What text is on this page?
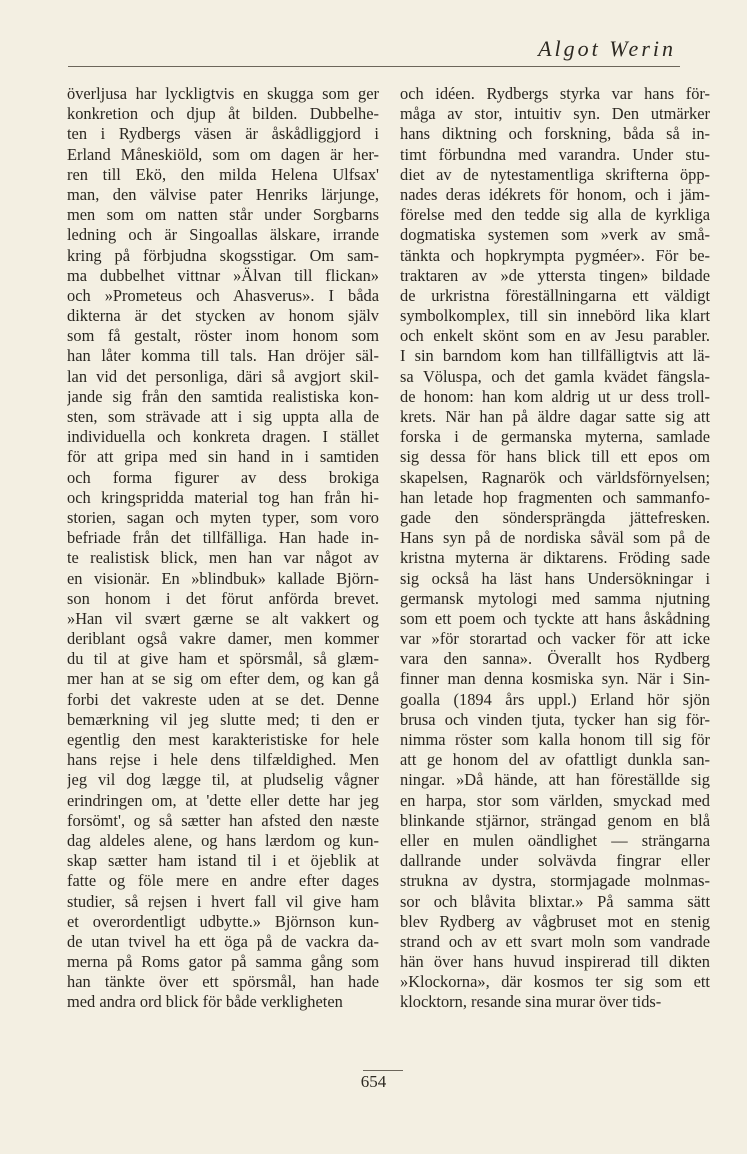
Algot Werin
överljusa har lyckligtvis en skugga som ger
konkretion och djup åt bilden. Dubbelhe-
ten i Rydbergs väsen är åskådliggjord i
Erland Måneskiöld, som om dagen är her-
ren till Ekö, den milda Helena Ulfsax'
man, den välvise pater Henriks lärjunge,
men som om natten står under Sorgbarns
ledning och är Singoallas älskare, irrande
kring på förbjudna skogsstigar. Om sam-
ma dubbelhet vittnar »Älvan till flickan»
och »Prometeus och Ahasverus». I båda
dikterna är det stycken av honom själv
som få gestalt, röster inom honom som
han låter komma till tals. Han dröjer säl-
lan vid det personliga, däri så avgjort skil-
jande sig från den samtida realistiska kon-
sten, som strävade att i sig uppta alla de
individuella och konkreta dragen. I stället
för att gripa med sin hand in i samtiden
och forma figurer av dess brokiga
och kringspridda material tog han från hi-
storien, sagan och myten typer, som voro
befriade från det tillfälliga. Han hade in-
te realistisk blick, men han var något av
en visionär. En »blindbuk» kallade Björn-
son honom i det förut anförda brevet.
»Han vil svært gærne se alt vakkert og
deriblant også vakre damer, men kommer
du til at give ham et spörsmål, så glæm-
mer han at se sig om efter dem, og kan gå
forbi det vakreste uden at se det. Denne
bemærkning vil jeg slutte med; ti den er
egentlig den mest karakteristiske for hele
hans rejse i hele dens tilfældighed. Men
jeg vil dog lægge til, at pludselig vågner
erindringen om, at 'dette eller dette har jeg
forsömt', og så sætter han afsted den næste
dag aldeles alene, og hans lærdom og kun-
skap sætter ham istand til i et öjeblik at
fatte og föle mere en andre efter dages
studier, så rejsen i hvert fall vil give ham
et overordentligt udbytte.» Björnson kun-
de utan tvivel ha ett öga på de vackra da-
merna på Roms gator på samma gång som
han tänkte över ett spörsmål, han hade
med andra ord blick för både verkligheten
och idéen. Rydbergs styrka var hans för-
måga av stor, intuitiv syn. Den utmärker
hans diktning och forskning, båda så in-
timt förbundna med varandra. Under stu-
diet av de nytestamentliga skrifterna öpp-
nades deras idékrets för honom, och i jäm-
förelse med den tedde sig alla de kyrkliga
dogmatiska systemen som »verk av små-
tänkta och hopkrympta pygméer». För be-
traktaren av »de yttersta tingen» bildade
de urkristna föreställningarna ett väldigt
symbolkomplex, till sin innebörd lika klart
och enkelt skönt som en av Jesu parabler.
I sin barndom kom han tillfälligtvis att lä-
sa Völuspa, och det gamla kvädet fängsla-
de honom: han kom aldrig ut ur dess troll-
krets. När han på äldre dagar satte sig att
forska i de germanska myterna, samlade
sig dessa för hans blick till ett epos om
skapelsen, Ragnarök och världsförnyelsen;
han letade hop fragmenten och sammanfo-
gade den söndersprängda jättefresken.
Hans syn på de nordiska såväl som på de
kristna myterna är diktarens. Fröding sade
sig också ha läst hans Undersökningar i
germansk mytologi med samma njutning
som ett poem och tyckte att hans åskådning
var »för storartad och vacker för att icke
vara den sanna». Överallt hos Rydberg
finner man denna kosmiska syn. När i Sin-
goalla (1894 års uppl.) Erland hör sjön
brusa och vinden tjuta, tycker han sig för-
nimma röster som kalla honom till sig för
att ge honom del av ofattligt dunkla san-
ningar. »Då hände, att han föreställde sig
en harpa, stor som världen, smyckad med
blinkande stjärnor, strängad genom en blå
eller en mulen oändlighet — strängarna
dallrande under solvävda fingrar eller
strukna av dystra, stormjagade molnmas-
sor och blåvita blixtar.» På samma sätt
blev Rydberg av vågbruset mot en stenig
strand och av ett svart moln som vandrade
hän över hans huvud inspirerad till dikten
»Klockorna», där kosmos ter sig som ett
klocktorn, resande sina murar över tids-
654
